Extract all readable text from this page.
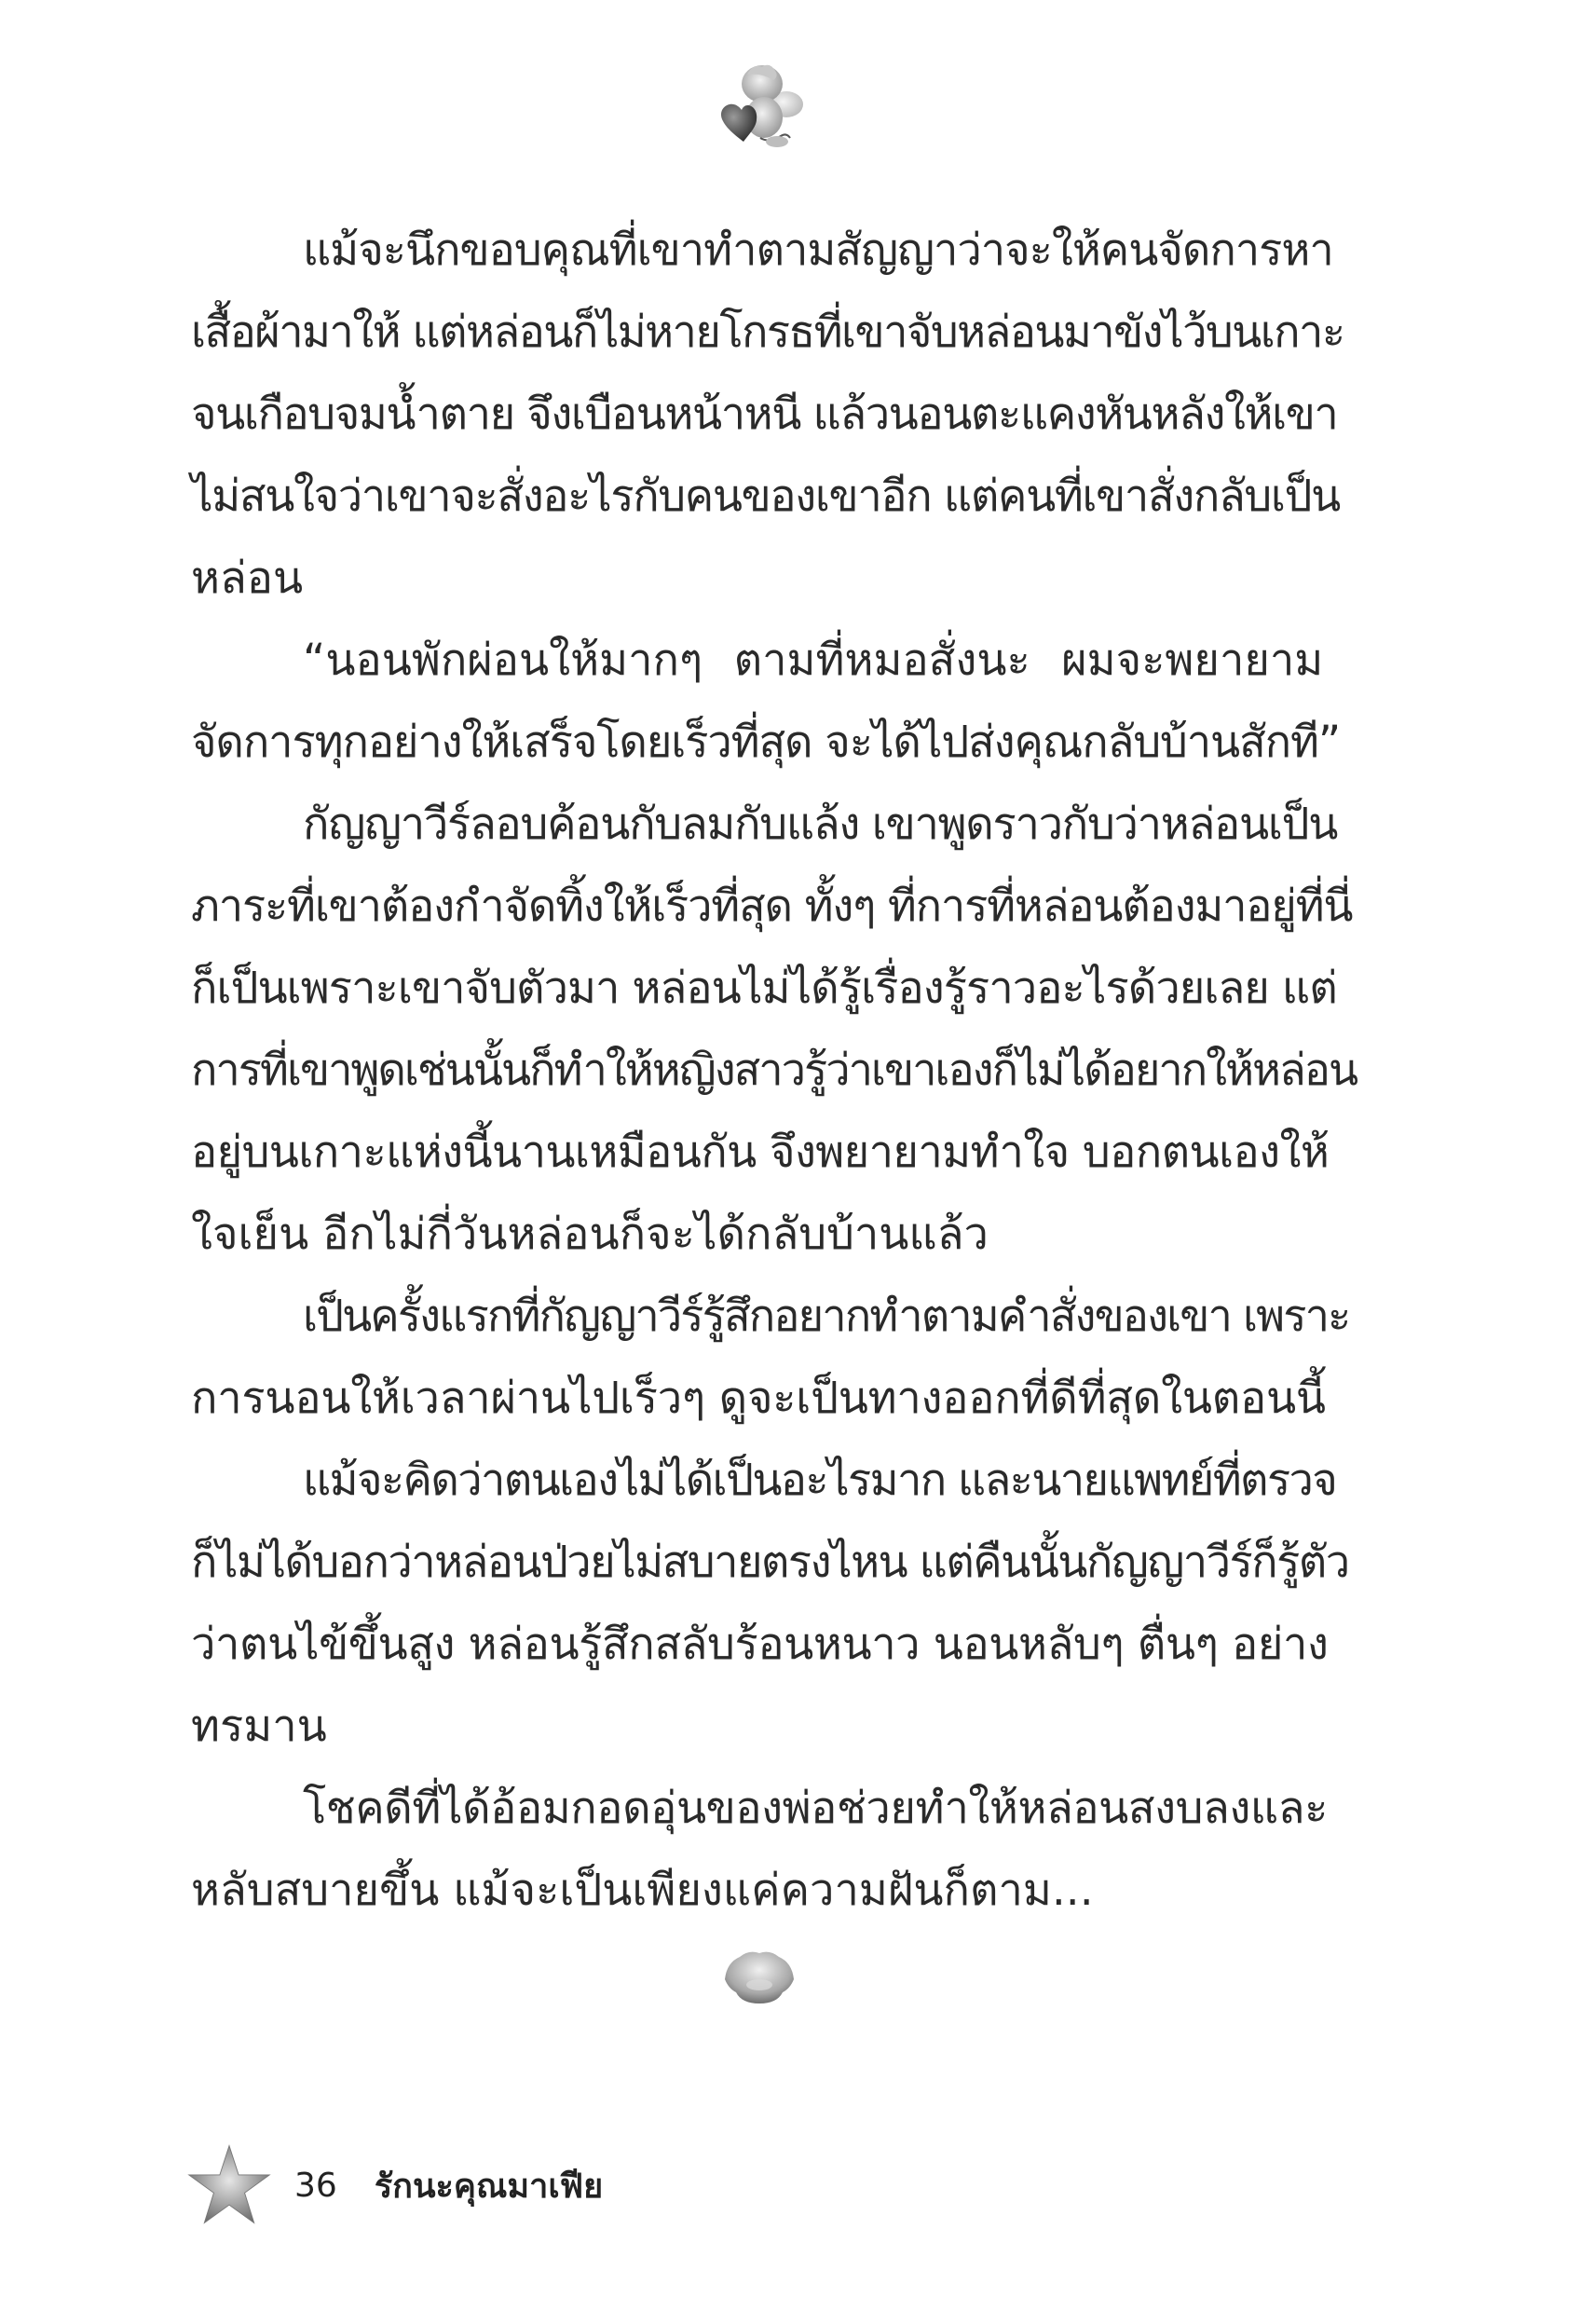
แม้จะนึกขอบคุณที่เขาทำตามสัญญาว่าจะให้คนจัดการหา
เสื้อผ้ามาให้ แต่หล่อนก็ไม่หายโกรธที่เขาจับหล่อนมาขังไว้บนเกาะ
จนเกือบจมน้ำตาย จึงเบือนหน้าหนี แล้วนอนตะแคงหันหลังให้เขา
ไม่สนใจว่าเขาจะสั่งอะไรกับคนของเขาอีก แต่คนที่เขาสั่งกลับเป็น
หล่อน
“นอนพักผ่อนให้มากๆ ตามที่หมอสั่งนะ ผมจะพยายาม
จัดการทุกอย่างให้เสร็จโดยเร็วที่สุด จะได้ไปส่งคุณกลับบ้านสักที”
กัญญาวีร์ลอบค้อนกับลมกับแล้ง เขาพูดราวกับว่าหล่อนเป็น
ภาระที่เขาต้องกำจัดทิ้งให้เร็วที่สุด ทั้งๆ ที่การที่หล่อนต้องมาอยู่ที่นี่
ก็เป็นเพราะเขาจับตัวมา หล่อนไม่ได้รู้เรื่องรู้ราวอะไรด้วยเลย แต่
การที่เขาพูดเช่นนั้นก็ทำให้หญิงสาวรู้ว่าเขาเองก็ไม่ได้อยากให้หล่อน
อยู่บนเกาะแห่งนี้นานเหมือนกัน จึงพยายามทำใจ บอกตนเองให้
ใจเย็น อีกไม่กี่วันหล่อนก็จะได้กลับบ้านแล้ว
เป็นครั้งแรกที่กัญญาวีร์รู้สึกอยากทำตามคำสั่งของเขา เพราะ
การนอนให้เวลาผ่านไปเร็วๆ ดูจะเป็นทางออกที่ดีที่สุดในตอนนี้
แม้จะคิดว่าตนเองไม่ได้เป็นอะไรมาก และนายแพทย์ที่ตรวจ
ก็ไม่ได้บอกว่าหล่อนป่วยไม่สบายตรงไหน แต่คืนนั้นกัญญาวีร์ก็รู้ตัว
ว่าตนไข้ขึ้นสูง หล่อนรู้สึกสลับร้อนหนาว นอนหลับๆ ตื่นๆ อย่าง
ทรมาน
โชคดีที่ได้อ้อมกอดอุ่นของพ่อช่วยทำให้หล่อนสงบลงและ
หลับสบายขึ้น แม้จะเป็นเพียงแค่ความฝันก็ตาม...
36 รักนะคุณมาเฟีย
